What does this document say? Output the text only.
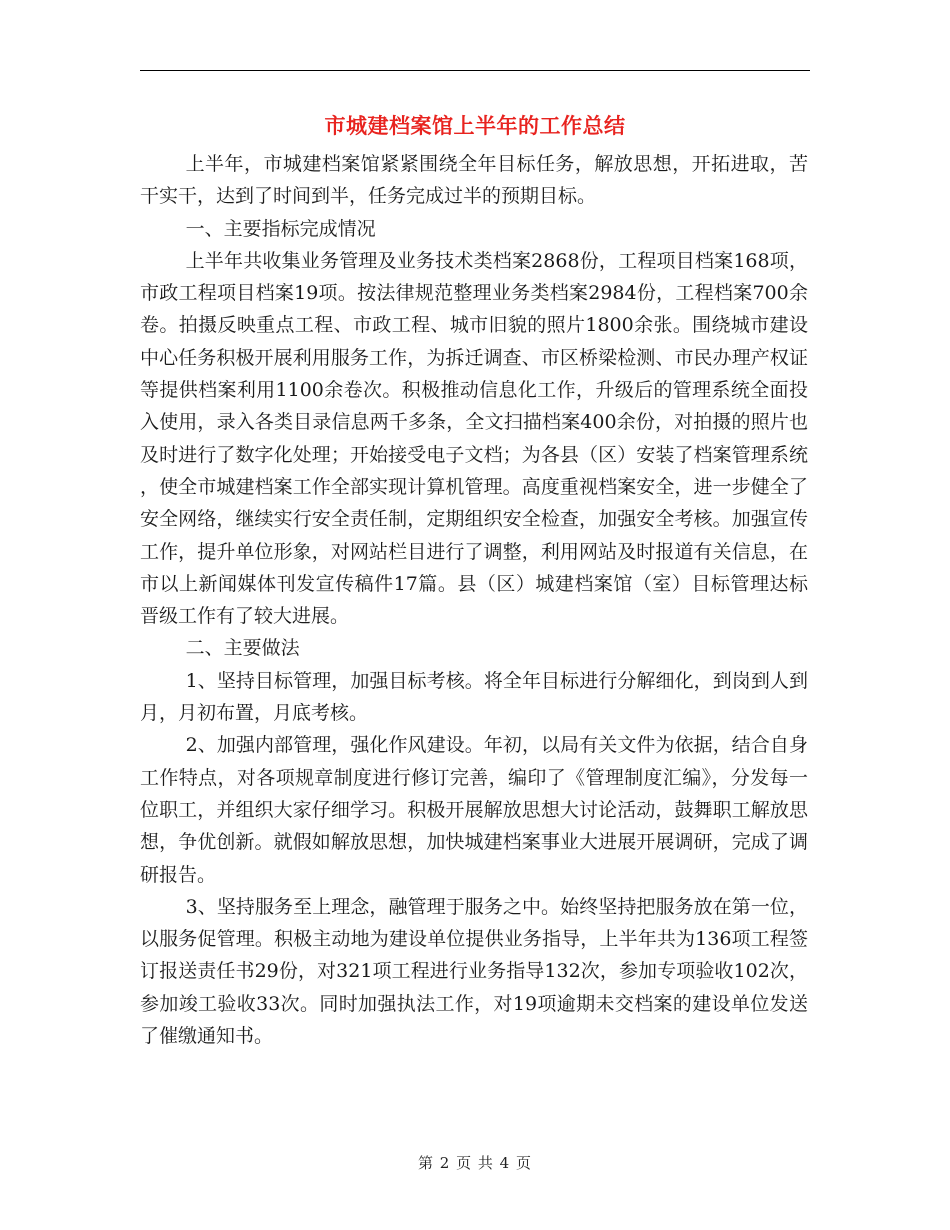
市城建档案馆上半年的工作总结

上半年，市城建档案馆紧紧围绕全年目标任务，解放思想，开拓进取，苦干实干，达到了时间到半，任务完成过半的预期目标。

一、主要指标完成情况

上半年共收集业务管理及业务技术类档案2868份，工程项目档案168项，市政工程项目档案19项。按法律规范整理业务类档案2984份，工程档案700余卷。拍摄反映重点工程、市政工程、城市旧貌的照片1800余张。围绕城市建设中心任务积极开展利用服务工作，为拆迁调查、市区桥梁检测、市民办理产权证等提供档案利用1100余卷次。积极推动信息化工作，升级后的管理系统全面投入使用，录入各类目录信息两千多条，全文扫描档案400余份，对拍摄的照片也及时进行了数字化处理；开始接受电子文档；为各县（区）安装了档案管理系统，使全市城建档案工作全部实现计算机管理。高度重视档案安全，进一步健全了安全网络，继续实行安全责任制，定期组织安全检查，加强安全考核。加强宣传工作，提升单位形象，对网站栏目进行了调整，利用网站及时报道有关信息，在市以上新闻媒体刊发宣传稿件17篇。县（区）城建档案馆（室）目标管理达标晋级工作有了较大进展。

二、主要做法

1、坚持目标管理，加强目标考核。将全年目标进行分解细化，到岗到人到月，月初布置，月底考核。

2、加强内部管理，强化作风建设。年初，以局有关文件为依据，结合自身工作特点，对各项规章制度进行修订完善，编印了《管理制度汇编》，分发每一位职工，并组织大家仔细学习。积极开展解放思想大讨论活动，鼓舞职工解放思想，争优创新。就假如解放思想，加快城建档案事业大进展开展调研，完成了调研报告。

3、坚持服务至上理念，融管理于服务之中。始终坚持把服务放在第一位，以服务促管理。积极主动地为建设单位提供业务指导，上半年共为136项工程签订报送责任书29份，对321项工程进行业务指导132次，参加专项验收102次，参加竣工验收33次。同时加强执法工作，对19项逾期未交档案的建设单位发送了催缴通知书。

第 2 页 共 4 页
